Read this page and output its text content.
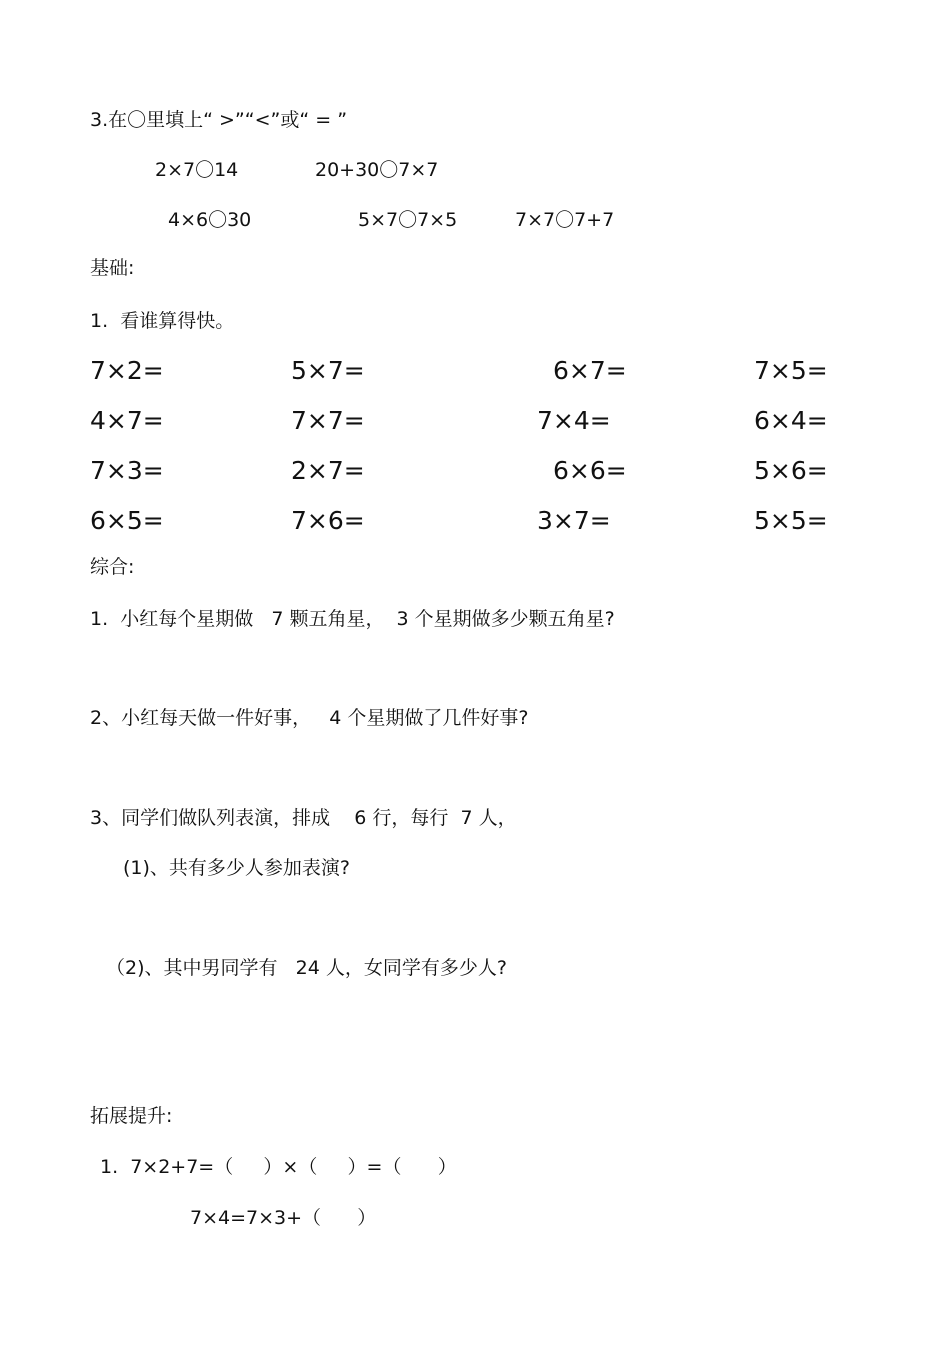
3.在〇里填上“ >”“<”或“ = ”
2×7〇14	20+30〇7×7
4×6〇30	5×7〇7×5	7×7〇7+7
基础:
1.  看谁算得快。
7×2=	5×7=	6×7=	7×5=
4×7=	7×7=	7×4=	6×4=
7×3=	2×7=	6×6=	5×6=
6×5=	7×6=	3×7=	5×5=
综合:
1.  小红每个星期做   7 颗五角星，  3 个星期做多少颗五角星?
2、小红每天做一件好事，   4 个星期做了几件好事?
3、同学们做队列表演，排成    6 行，每行  7 人，
(1)、共有多少人参加表演?
（2)、其中男同学有   24 人，女同学有多少人?
拓展提升:
1.  7×2+7=（     ）×（     ）=（      ）
7×4=7×3+（      ）
